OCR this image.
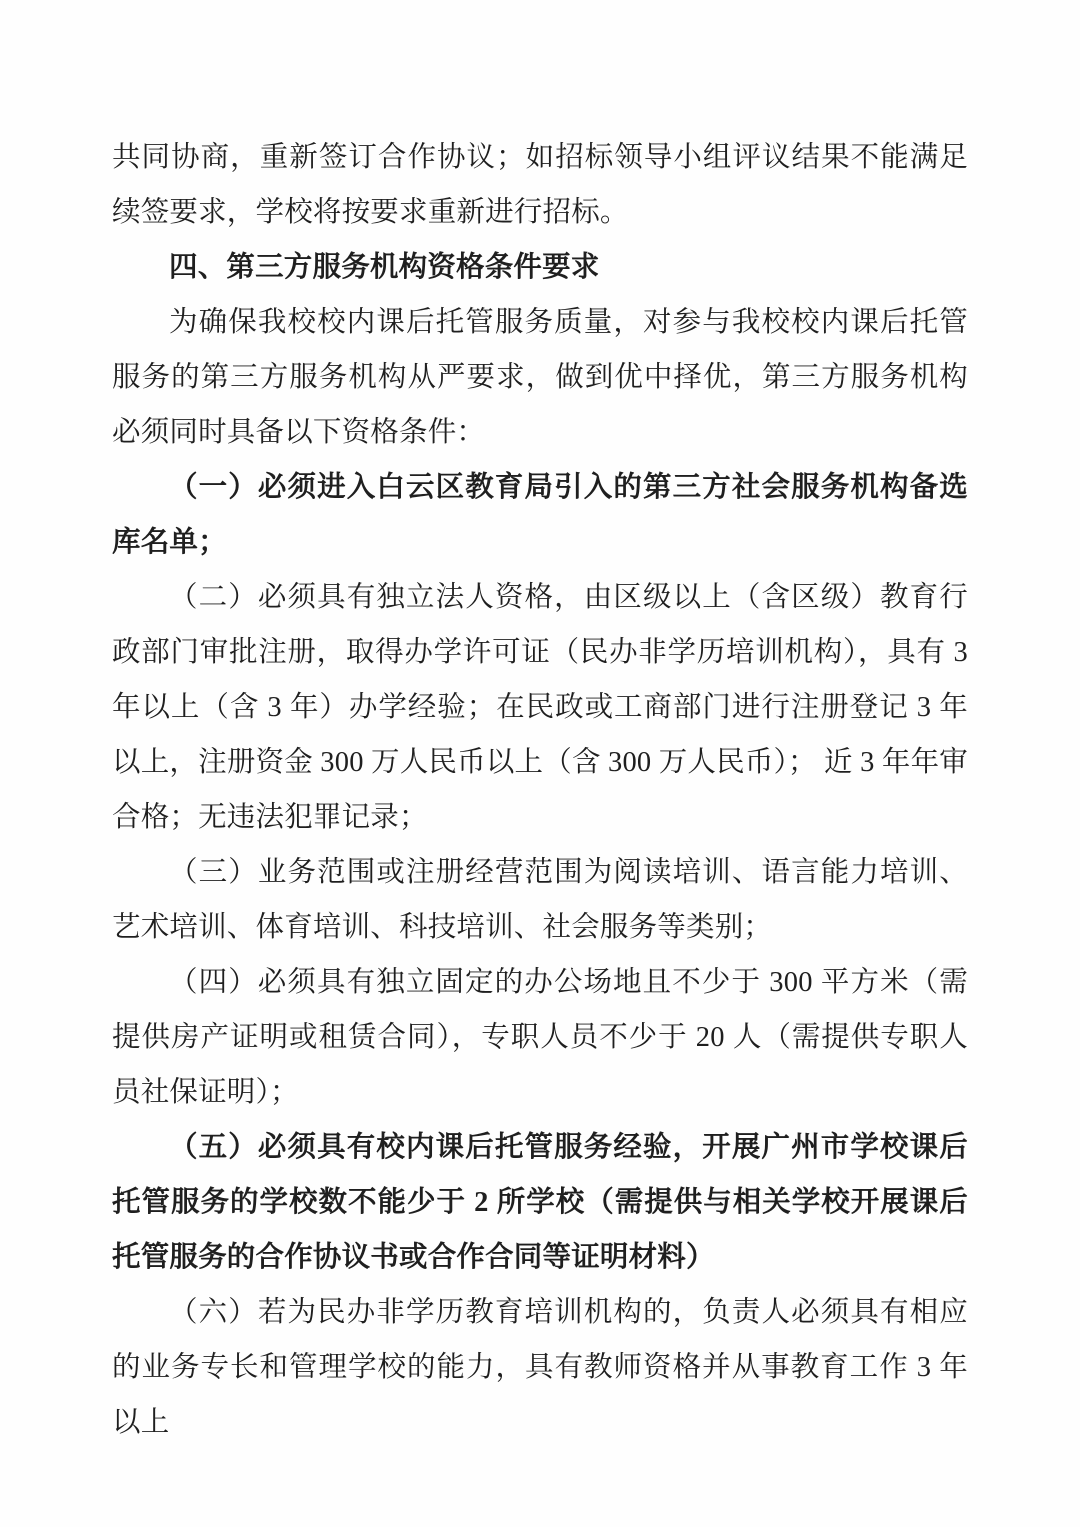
共同协商，重新签订合作协议；如招标领导小组评议结果不能满足续签要求，学校将按要求重新进行招标。

四、第三方服务机构资格条件要求

为确保我校校内课后托管服务质量，对参与我校校内课后托管服务的第三方服务机构从严要求，做到优中择优，第三方服务机构必须同时具备以下资格条件：

（一）必须进入白云区教育局引入的第三方社会服务机构备选库名单；

（二）必须具有独立法人资格，由区级以上（含区级）教育行政部门审批注册，取得办学许可证（民办非学历培训机构），具有 3 年以上（含 3 年）办学经验；在民政或工商部门进行注册登记 3 年以上，注册资金 300 万人民币以上（含 300 万人民币）； 近 3 年年审合格；无违法犯罪记录；

（三）业务范围或注册经营范围为阅读培训、语言能力培训、艺术培训、体育培训、科技培训、社会服务等类别；

（四）必须具有独立固定的办公场地且不少于 300 平方米（需提供房产证明或租赁合同），专职人员不少于 20 人（需提供专职人员社保证明）；

（五）必须具有校内课后托管服务经验，开展广州市学校课后托管服务的学校数不能少于 2 所学校（需提供与相关学校开展课后托管服务的合作协议书或合作合同等证明材料）

（六）若为民办非学历教育培训机构的，负责人必须具有相应的业务专长和管理学校的能力，具有教师资格并从事教育工作 3 年以上
